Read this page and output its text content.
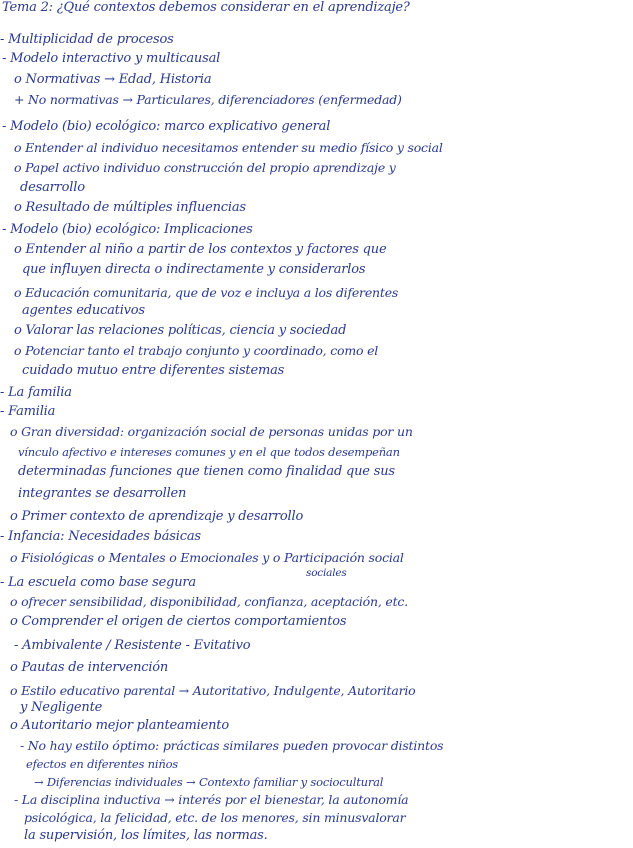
Tema 2: ¿Qué contextos debemos considerar en el aprendizaje?
- Multiplicidad de procesos
- Modelo interactivo y multicausal
o Normativas → Edad, Historia
+ No normativas → Particulares, diferenciadores (enfermedad)
- Modelo (bio) ecológico: marco explicativo general
o Entender al individuo necesitamos entender su medio físico y social
o Papel activo individuo construcción del propio aprendizaje y
desarrollo
o Resultado de múltiples influencias
- Modelo (bio) ecológico: Implicaciones
o Entender al niño a partir de los contextos y factores que
que influyen directa o indirectamente y considerarlos
o Educación comunitaria, que de voz e incluya a los diferentes
agentes educativos
o Valorar las relaciones políticas, ciencia y sociedad
o Potenciar tanto el trabajo conjunto y coordinado, como el
cuidado mutuo entre diferentes sistemas
- La familia
- Familia
o Gran diversidad: organización social de personas unidas por un
vínculo afectivo e intereses comunes y en el que todos desempeñan
determinadas funciones que tienen como finalidad que sus
integrantes se desarrollen
o Primer contexto de aprendizaje y desarrollo
- Infancia: Necesidades básicas
o Fisiológicas o Mentales o Emocionales y o Participación social
sociales
- La escuela como base segura
o ofrecer sensibilidad, disponibilidad, confianza, aceptación, etc.
o Comprender el origen de ciertos comportamientos
- Ambivalente / Resistente - Evitativo
o Pautas de intervención
o Estilo educativo parental → Autoritativo, Indulgente, Autoritario
y Negligente
o Autoritario mejor planteamiento
- No hay estilo óptimo: prácticas similares pueden provocar distintos
efectos en diferentes niños
→ Diferencias individuales → Contexto familiar y sociocultural
- La disciplina inductiva → interés por el bienestar, la autonomía
psicológica, la felicidad, etc. de los menores, sin minusvalorar
la supervisión, los límites, las normas.
